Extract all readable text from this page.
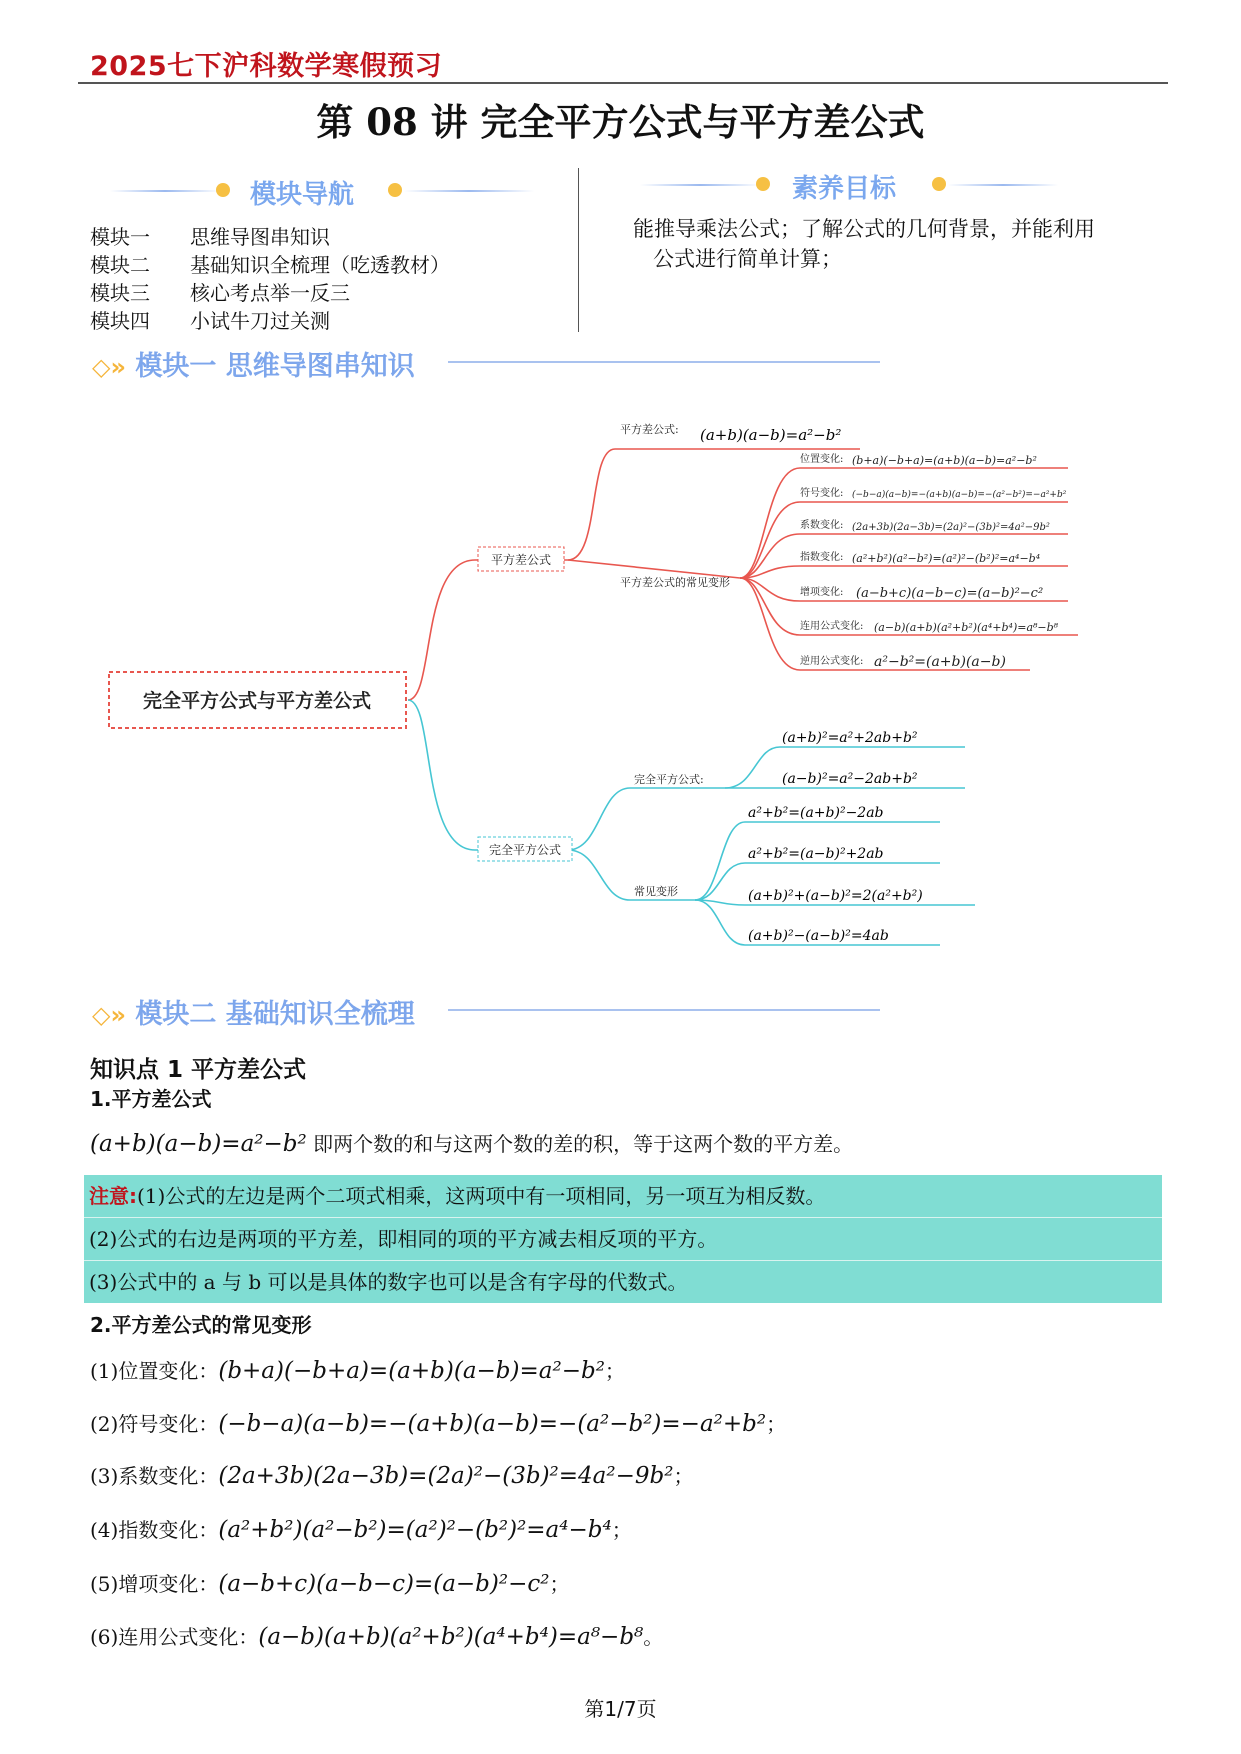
2025七下沪科数学寒假预习
第 08 讲 完全平方公式与平方差公式
模块导航
模块一 思维导图串知识
模块二 基础知识全梳理（吃透教材）
模块三 核心考点举一反三
模块四 小试牛刀过关测
素养目标
能推导乘法公式；了解公式的几何背景，并能利用
公式进行简单计算；
◇» 模块一 思维导图串知识
完全平方公式与平方差公式
平方差公式
平方差公式: (a+b)(a−b)=a²−b²
平方差公式的常见变形
位置变化: (b+a)(−b+a)=(a+b)(a−b)=a²−b²
符号变化: (−b−a)(a−b)=−(a+b)(a−b)=−(a²−b²)=−a²+b²
系数变化: (2a+3b)(2a−3b)=(2a)²−(3b)²=4a²−9b²
指数变化: (a²+b²)(a²−b²)=(a²)²−(b²)²=a⁴−b⁴
增项变化: (a−b+c)(a−b−c)=(a−b)²−c²
连用公式变化: (a−b)(a+b)(a²+b²)(a⁴+b⁴)=a⁸−b⁸
逆用公式变化: a²−b²=(a+b)(a−b)
完全平方公式
完全平方公式:
(a+b)²=a²+2ab+b²
(a−b)²=a²−2ab+b²
常见变形
a²+b²=(a+b)²−2ab
a²+b²=(a−b)²+2ab
(a+b)²+(a−b)²=2(a²+b²)
(a+b)²−(a−b)²=4ab
◇» 模块二 基础知识全梳理
知识点 1 平方差公式
1.平方差公式
(a+b)(a−b)=a²−b² 即两个数的和与这两个数的差的积，等于这两个数的平方差。
注意:(1)公式的左边是两个二项式相乘，这两项中有一项相同，另一项互为相反数。
(2)公式的右边是两项的平方差，即相同的项的平方减去相反项的平方。
(3)公式中的 a 与 b 可以是具体的数字也可以是含有字母的代数式。
2.平方差公式的常见变形
(1)位置变化：(b+a)(−b+a)=(a+b)(a−b)=a²−b²；
(2)符号变化：(−b−a)(a−b)=−(a+b)(a−b)=−(a²−b²)=−a²+b²；
(3)系数变化：(2a+3b)(2a−3b)=(2a)²−(3b)²=4a²−9b²；
(4)指数变化：(a²+b²)(a²−b²)=(a²)²−(b²)²=a⁴−b⁴；
(5)增项变化：(a−b+c)(a−b−c)=(a−b)²−c²；
(6)连用公式变化：(a−b)(a+b)(a²+b²)(a⁴+b⁴)=a⁸−b⁸。
第1/7页
